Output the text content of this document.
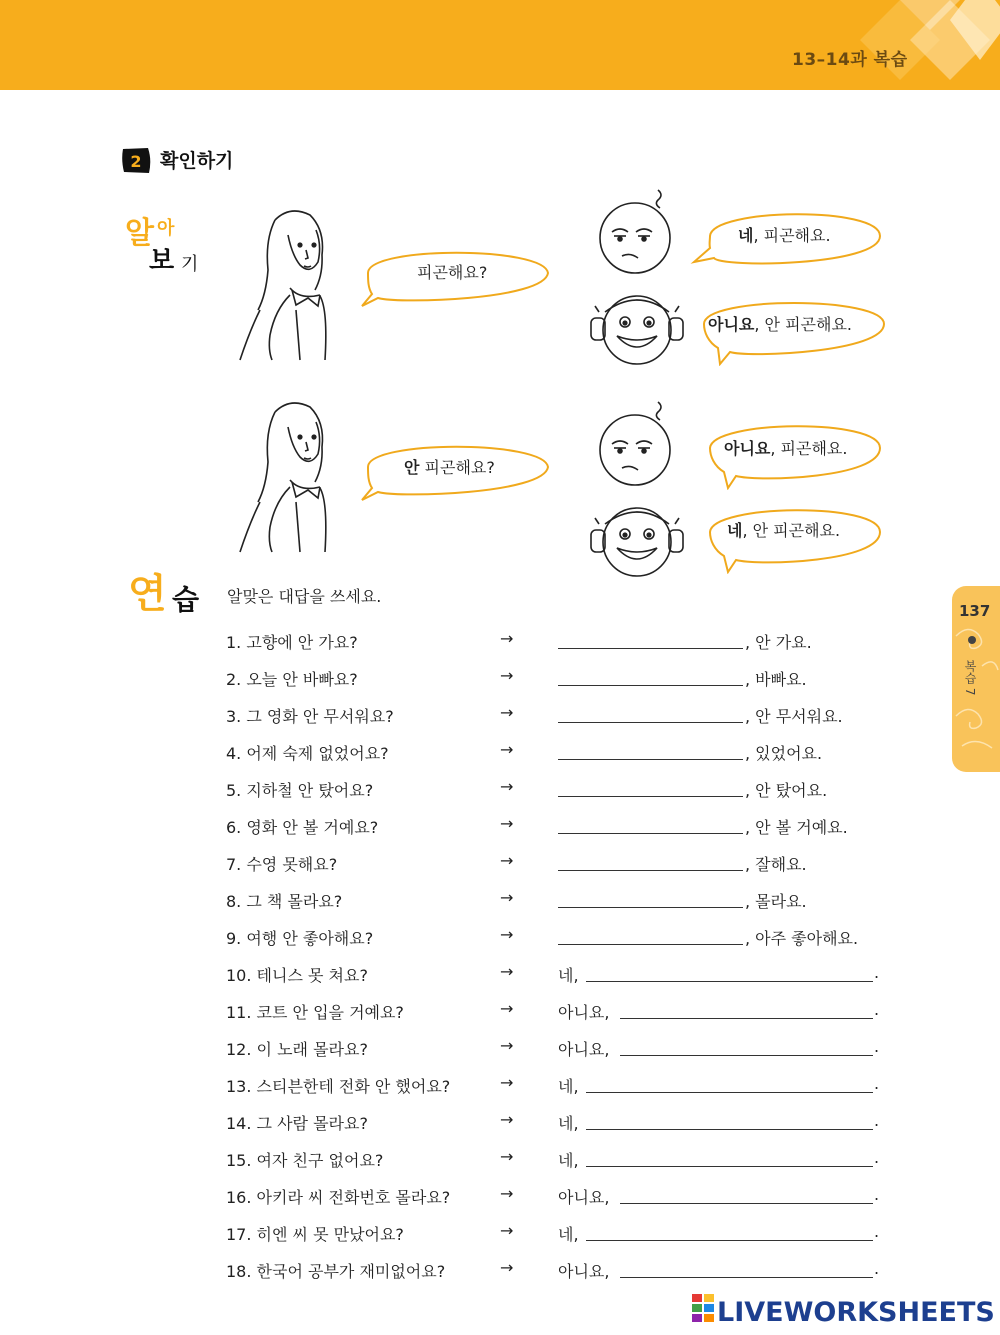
13–14과 복습
2 확인하기
알 아
보 기	피곤해요?
네, 피곤해요.
아니요, 안 피곤해요.
안 피곤해요?
아니요, 피곤해요.
네, 안 피곤해요.
연 습 알맞은 대답을 쓰세요.
1. 고향에 안 가요?	→	, 안 가요.
2. 오늘 안 바빠요?	→	, 바빠요.
3. 그 영화 안 무서워요?	→	, 안 무서워요.
4. 어제 숙제 없었어요?	→	, 있었어요.
5. 지하철 안 탔어요?	→	, 안 탔어요.
6. 영화 안 볼 거예요?	→	, 안 볼 거예요.
7. 수영 못해요?	→	, 잘해요.
8. 그 책 몰라요?	→	, 몰라요.
9. 여행 안 좋아해요?	→	, 아주 좋아해요.
10. 테니스 못 쳐요?	→	네,	.
11. 코트 안 입을 거예요?	→	아니요,	.
12. 이 노래 몰라요?	→	아니요,	.
13. 스티븐한테 전화 안 했어요?	→	네,	.
14. 그 사람 몰라요?	→	네,	.
15. 여자 친구 없어요?	→	네,	.
16. 아키라 씨 전화번호 몰라요?	→	아니요,	.
17. 히엔 씨 못 만났어요?	→	네,	.
18. 한국어 공부가 재미없어요?	→	아니요,	.
137
복습 7
LIVEWORKSHEETS
